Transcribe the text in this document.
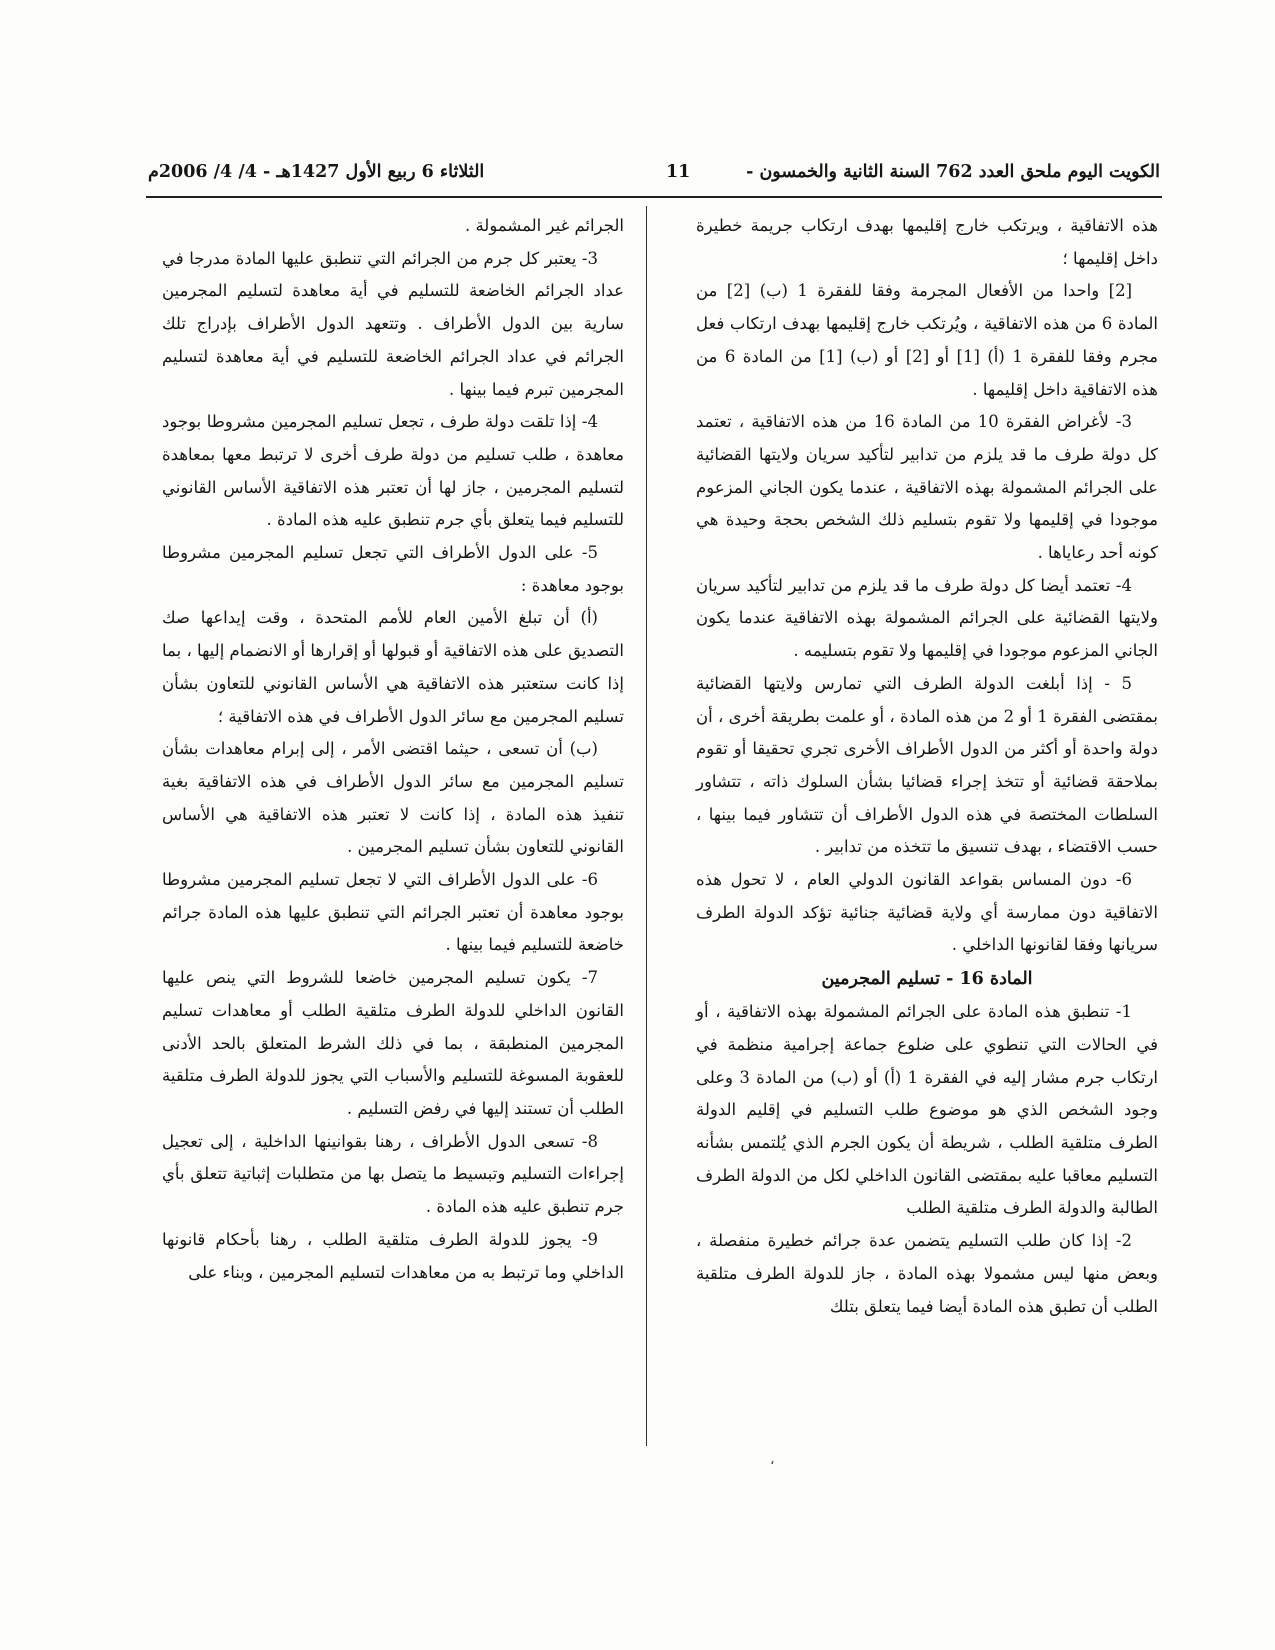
الكويت اليوم ملحق العدد 762 السنة الثانية والخمسون -
11
الثلاثاء 6 ربيع الأول 1427هـ - 4/ 4/ 2006م

هذه الاتفاقية ، ويرتكب خارج إقليمها بهدف ارتكاب جريمة خطيرة داخل إقليمها ؛

[2] واحدا من الأفعال المجرمة وفقا للفقرة 1 (ب) [2] من المادة 6 من هذه الاتفاقية ، ويُرتكب خارج إقليمها بهدف ارتكاب فعل مجرم وفقا للفقرة 1 (أ) [1] أو [2] أو (ب) [1] من المادة 6 من هذه الاتفاقية داخل إقليمها .

3- لأغراض الفقرة 10 من المادة 16 من هذه الاتفاقية ، تعتمد كل دولة طرف ما قد يلزم من تدابير لتأكيد سريان ولايتها القضائية على الجرائم المشمولة بهذه الاتفاقية ، عندما يكون الجاني المزعوم موجودا في إقليمها ولا تقوم بتسليم ذلك الشخص بحجة وحيدة هي كونه أحد رعاياها .

4- تعتمد أيضا كل دولة طرف ما قد يلزم من تدابير لتأكيد سريان ولايتها القضائية على الجرائم المشمولة بهذه الاتفاقية عندما يكون الجاني المزعوم موجودا في إقليمها ولا تقوم بتسليمه .

5 - إذا أبلغت الدولة الطرف التي تمارس ولايتها القضائية بمقتضى الفقرة 1 أو 2 من هذه المادة ، أو علمت بطريقة أخرى ، أن دولة واحدة أو أكثر من الدول الأطراف الأخرى تجري تحقيقا أو تقوم بملاحقة قضائية أو تتخذ إجراء قضائيا بشأن السلوك ذاته ، تتشاور السلطات المختصة في هذه الدول الأطراف أن تتشاور فيما بينها ، حسب الاقتضاء ، بهدف تنسيق ما تتخذه من تدابير .

6- دون المساس بقواعد القانون الدولي العام ، لا تحول هذه الاتفاقية دون ممارسة أي ولاية قضائية جنائية تؤكد الدولة الطرف سريانها وفقا لقانونها الداخلي .

المادة 16 - تسليم المجرمين

1- تنطبق هذه المادة على الجرائم المشمولة بهذه الاتفاقية ، أو في الحالات التي تنطوي على ضلوع جماعة إجرامية منظمة في ارتكاب جرم مشار إليه في الفقرة 1 (أ) أو (ب) من المادة 3 وعلى وجود الشخص الذي هو موضوع طلب التسليم في إقليم الدولة الطرف متلقية الطلب ، شريطة أن يكون الجرم الذي يُلتمس بشأنه التسليم معاقبا عليه بمقتضى القانون الداخلي لكل من الدولة الطرف الطالبة والدولة الطرف متلقية الطلب

2- إذا كان طلب التسليم يتضمن عدة جرائم خطيرة منفصلة ، وبعض منها ليس مشمولا بهذه المادة ، جاز للدولة الطرف متلقية الطلب أن تطبق هذه المادة أيضا فيما يتعلق بتلك

الجرائم غير المشمولة .

3- يعتبر كل جرم من الجرائم التي تنطبق عليها المادة مدرجا في عداد الجرائم الخاضعة للتسليم في أية معاهدة لتسليم المجرمين سارية بين الدول الأطراف . وتتعهد الدول الأطراف بإدراج تلك الجرائم في عداد الجرائم الخاضعة للتسليم في أية معاهدة لتسليم المجرمين تبرم فيما بينها .

4- إذا تلقت دولة طرف ، تجعل تسليم المجرمين مشروطا بوجود معاهدة ، طلب تسليم من دولة طرف أخرى لا ترتبط معها بمعاهدة لتسليم المجرمين ، جاز لها أن تعتبر هذه الاتفاقية الأساس القانوني للتسليم فيما يتعلق بأي جرم تنطبق عليه هذه المادة .

5- على الدول الأطراف التي تجعل تسليم المجرمين مشروطا بوجود معاهدة :

(أ) أن تبلغ الأمين العام للأمم المتحدة ، وقت إيداعها صك التصديق على هذه الاتفاقية أو قبولها أو إقرارها أو الانضمام إليها ، بما إذا كانت ستعتبر هذه الاتفاقية هي الأساس القانوني للتعاون بشأن تسليم المجرمين مع سائر الدول الأطراف في هذه الاتفاقية ؛

(ب) أن تسعى ، حيثما اقتضى الأمر ، إلى إبرام معاهدات بشأن تسليم المجرمين مع سائر الدول الأطراف في هذه الاتفاقية بغية تنفيذ هذه المادة ، إذا كانت لا تعتبر هذه الاتفاقية هي الأساس القانوني للتعاون بشأن تسليم المجرمين .

6- على الدول الأطراف التي لا تجعل تسليم المجرمين مشروطا بوجود معاهدة أن تعتبر الجرائم التي تنطبق عليها هذه المادة جرائم خاضعة للتسليم فيما بينها .

7- يكون تسليم المجرمين خاضعا للشروط التي ينص عليها القانون الداخلي للدولة الطرف متلقية الطلب أو معاهدات تسليم المجرمين المنطبقة ، بما في ذلك الشرط المتعلق بالحد الأدنى للعقوبة المسوغة للتسليم والأسباب التي يجوز للدولة الطرف متلقية الطلب أن تستند إليها في رفض التسليم .

8- تسعى الدول الأطراف ، رهنا بقوانينها الداخلية ، إلى تعجيل إجراءات التسليم وتبسيط ما يتصل بها من متطلبات إثباتية تتعلق بأي جرم تنطبق عليه هذه المادة .

9- يجوز للدولة الطرف متلقية الطلب ، رهنا بأحكام قانونها الداخلي وما ترتبط به من معاهدات لتسليم المجرمين ، وبناء على

،
